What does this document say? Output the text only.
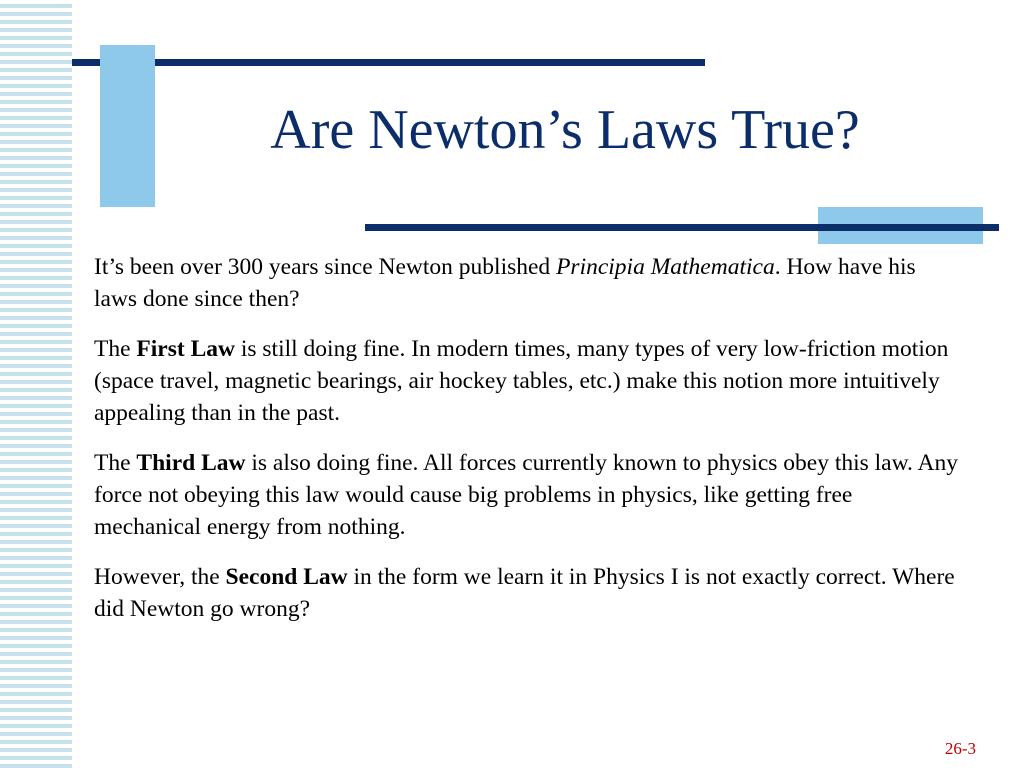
Are Newton’s Laws True?

It’s been over 300 years since Newton published Principia Mathematica. How have his laws done since then?

The First Law is still doing fine. In modern times, many types of very low-friction motion (space travel, magnetic bearings, air hockey tables, etc.) make this notion more intuitively appealing than in the past.

The Third Law is also doing fine. All forces currently known to physics obey this law. Any force not obeying this law would cause big problems in physics, like getting free mechanical energy from nothing.

However, the Second Law in the form we learn it in Physics I is not exactly correct. Where did Newton go wrong?

26-3
